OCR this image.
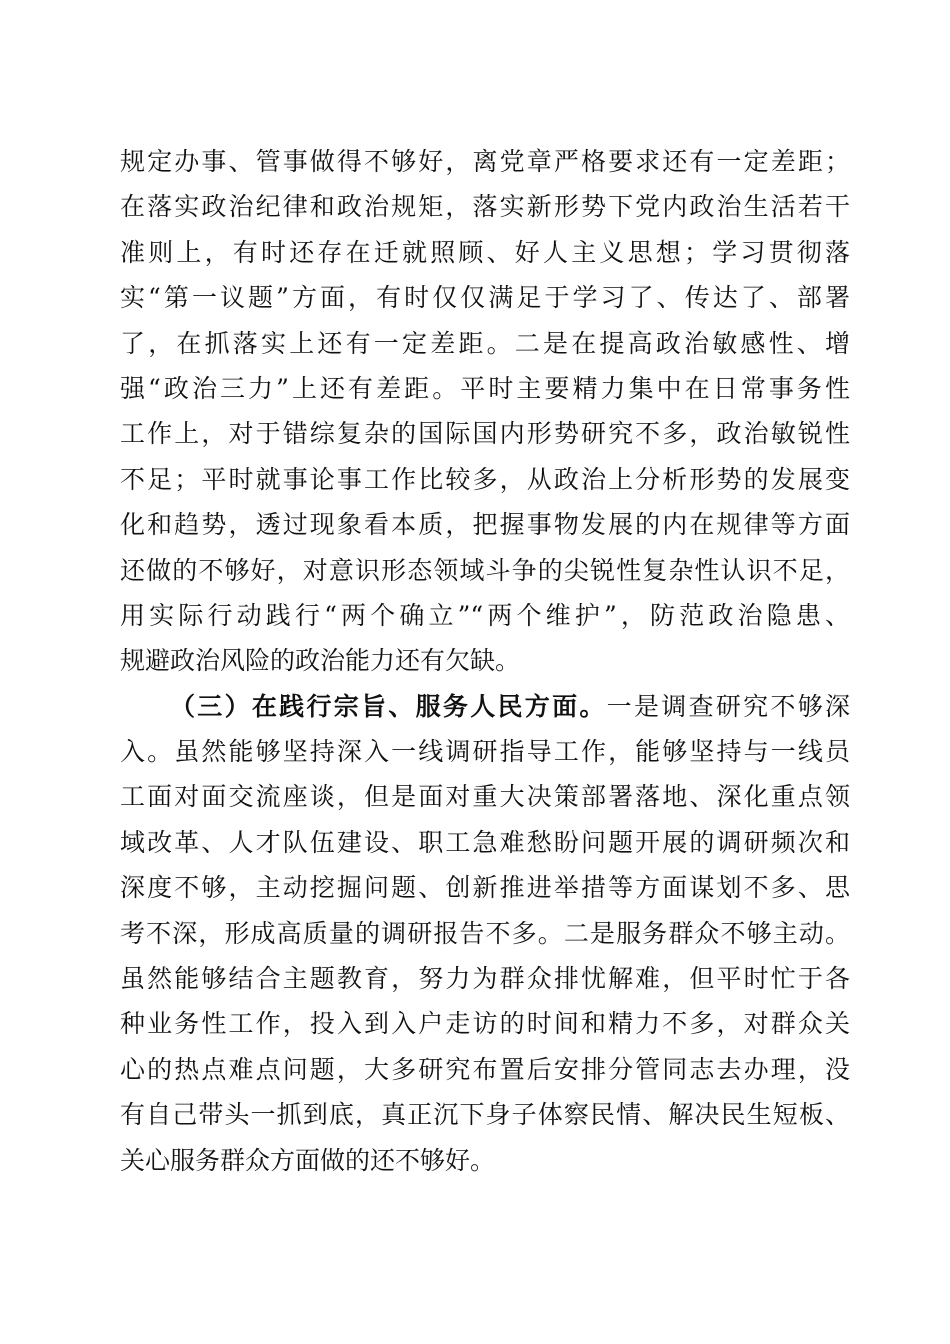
规定办事、管事做得不够好，离党章严格要求还有一定差距；
在落实政治纪律和政治规矩，落实新形势下党内政治生活若干
准则上，有时还存在迁就照顾、好人主义思想；学习贯彻落
实“第一议题”方面，有时仅仅满足于学习了、传达了、部署
了，在抓落实上还有一定差距。二是在提高政治敏感性、增
强“政治三力”上还有差距。平时主要精力集中在日常事务性
工作上，对于错综复杂的国际国内形势研究不多，政治敏锐性
不足；平时就事论事工作比较多，从政治上分析形势的发展变
化和趋势，透过现象看本质，把握事物发展的内在规律等方面
还做的不够好，对意识形态领域斗争的尖锐性复杂性认识不足，
用实际行动践行“两个确立”“两个维护”，防范政治隐患、
规避政治风险的政治能力还有欠缺。
（三）在践行宗旨、服务人民方面。一是调查研究不够深
入。虽然能够坚持深入一线调研指导工作，能够坚持与一线员
工面对面交流座谈，但是面对重大决策部署落地、深化重点领
域改革、人才队伍建设、职工急难愁盼问题开展的调研频次和
深度不够，主动挖掘问题、创新推进举措等方面谋划不多、思
考不深，形成高质量的调研报告不多。二是服务群众不够主动。
虽然能够结合主题教育，努力为群众排忧解难，但平时忙于各
种业务性工作，投入到入户走访的时间和精力不多，对群众关
心的热点难点问题，大多研究布置后安排分管同志去办理，没
有自己带头一抓到底，真正沉下身子体察民情、解决民生短板、
关心服务群众方面做的还不够好。
